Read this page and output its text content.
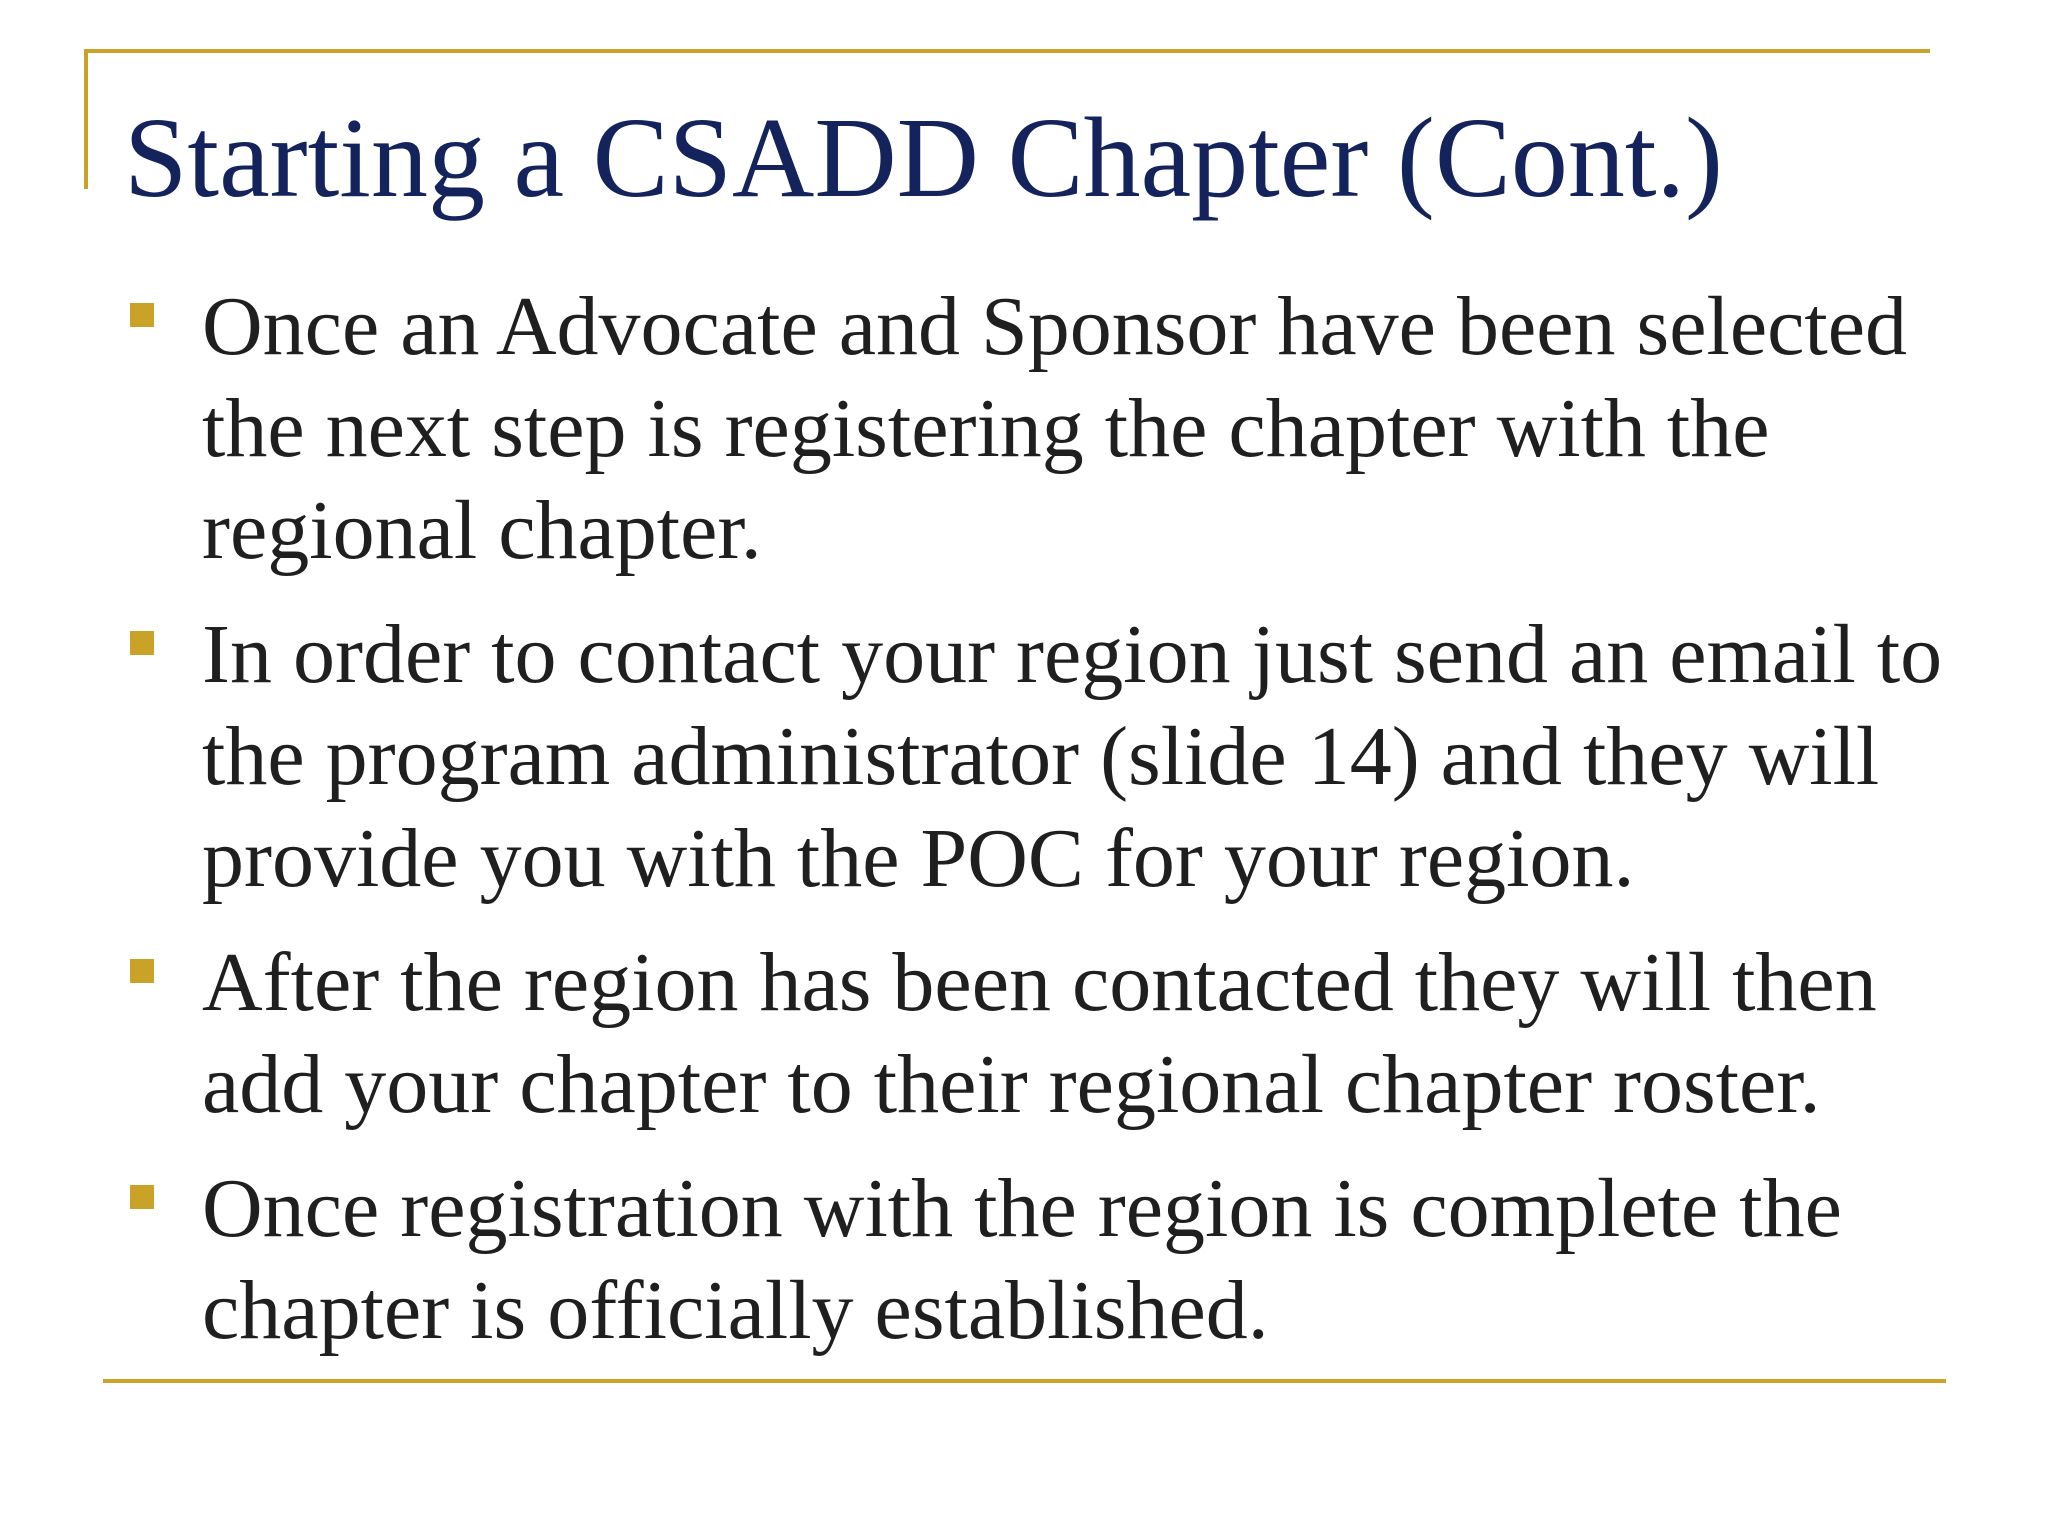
Starting a CSADD Chapter (Cont.)
Once an Advocate and Sponsor have been selected the next step is registering the chapter with the regional chapter.
In order to contact your region just send an email to the program administrator (slide 14) and they will provide you with the POC for your region.
After the region has been contacted they will then add your chapter to their regional chapter roster.
Once registration with the region is complete the chapter is officially established.
